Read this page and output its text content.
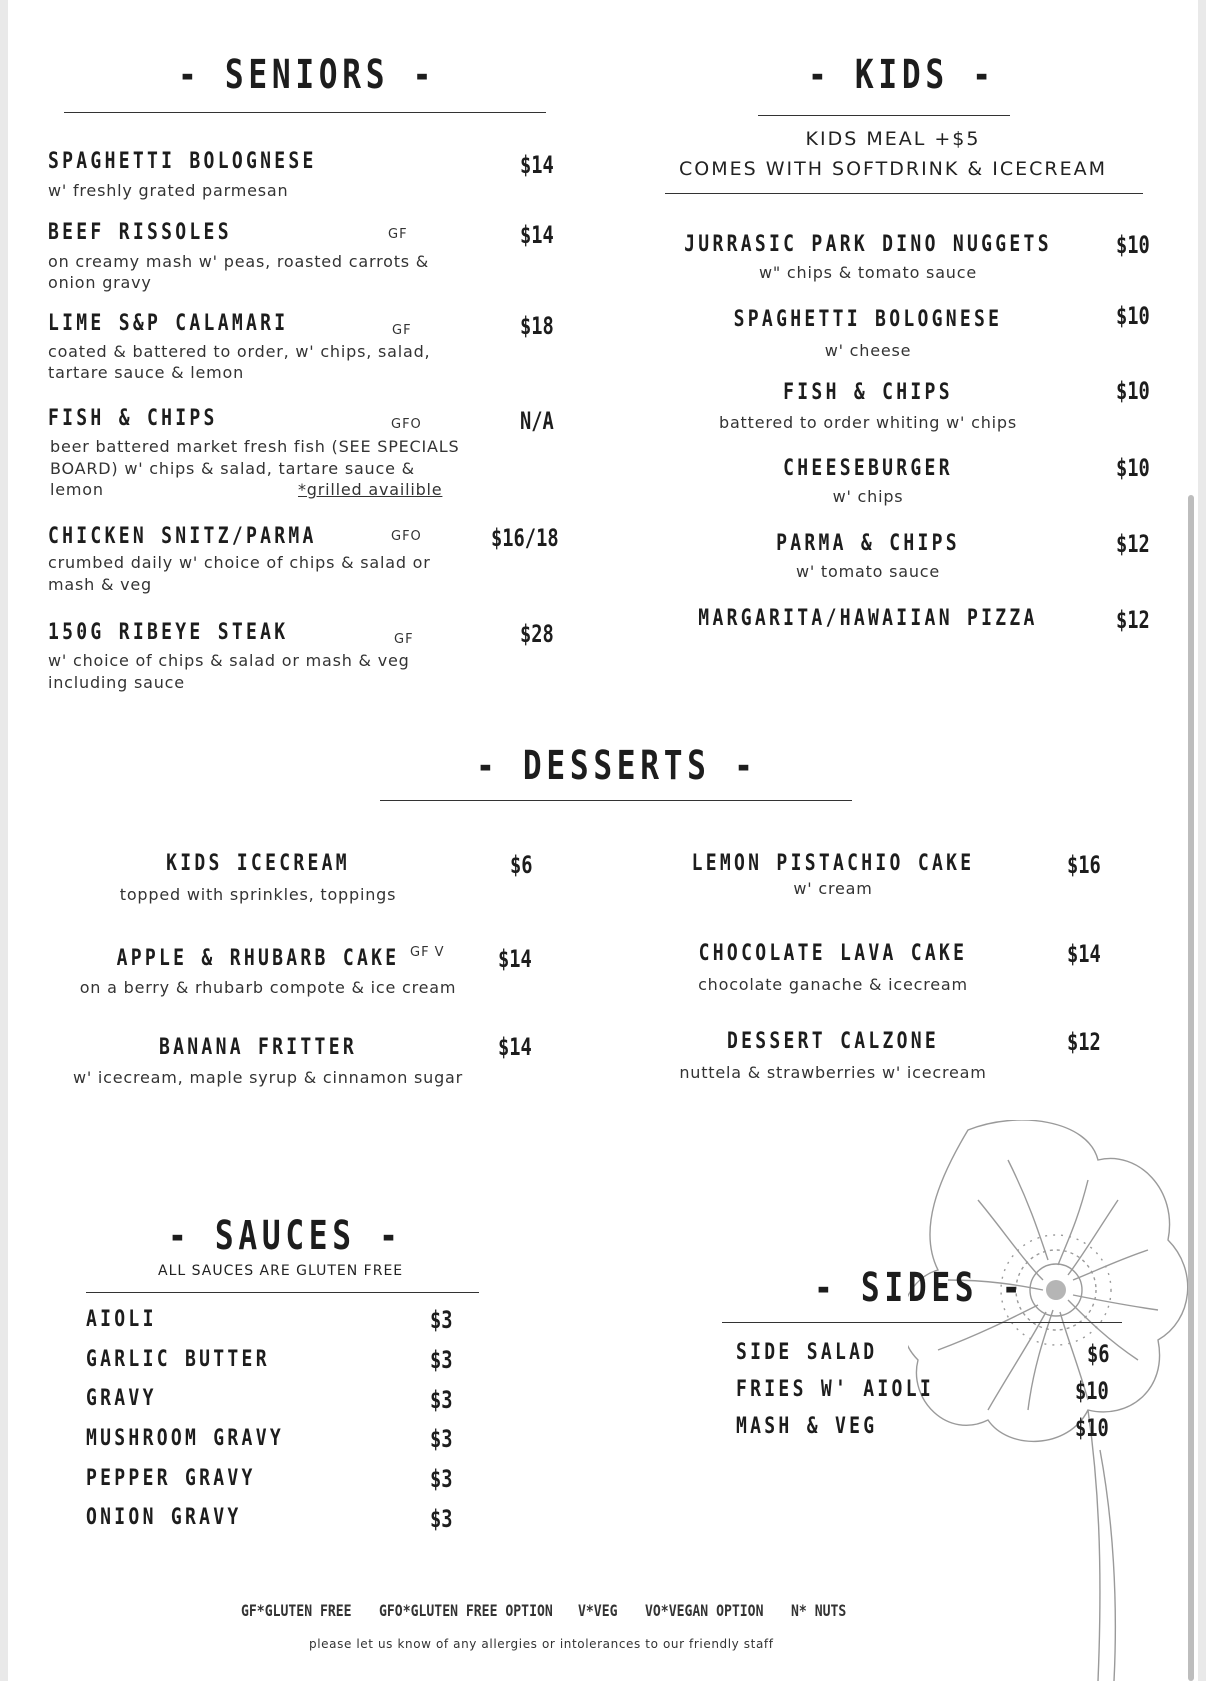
- SENIORS -
SPAGHETTI BOLOGNESE	$14
w' freshly grated parmesan
BEEF RISSOLES	GF	$14
on creamy mash w' peas, roasted carrots &
onion gravy
LIME S&P CALAMARI	GF	$18
coated & battered to order, w' chips, salad,
tartare sauce & lemon
FISH & CHIPS	GFO	N/A
beer battered market fresh fish (SEE SPECIALS
BOARD) w' chips & salad, tartare sauce &
lemon	*grilled availible
CHICKEN SNITZ/PARMA	GFO	$16/18
crumbed daily w' choice of chips & salad or
mash & veg
150G RIBEYE STEAK	GF	$28
w' choice of chips & salad or mash & veg
including sauce
- KIDS -
KIDS MEAL +$5
COMES WITH SOFTDRINK & ICECREAM
JURRASIC PARK DINO NUGGETS	$10
w" chips & tomato sauce
SPAGHETTI BOLOGNESE	$10
w' cheese
FISH & CHIPS	$10
battered to order whiting w' chips
CHEESEBURGER	$10
w' chips
PARMA & CHIPS	$12
w' tomato sauce
MARGARITA/HAWAIIAN PIZZA	$12
- DESSERTS -
KIDS ICECREAM	$6
topped with sprinkles, toppings
APPLE & RHUBARB CAKE GF V $14
on a berry & rhubarb compote & ice cream
BANANA FRITTER	$14
w' icecream, maple syrup & cinnamon sugar
LEMON PISTACHIO CAKE	$16
w' cream
CHOCOLATE LAVA CAKE	$14
chocolate ganache & icecream
DESSERT CALZONE	$12
nuttela & strawberries w' icecream
- SAUCES -
ALL SAUCES ARE GLUTEN FREE
AIOLI	$3
GARLIC BUTTER	$3
GRAVY	$3
MUSHROOM GRAVY	$3
PEPPER GRAVY	$3
ONION GRAVY	$3
- SIDES -
SIDE SALAD	$6
FRIES W' AIOLI	$10
MASH & VEG	$10
GF*GLUTEN FREE GFO*GLUTEN FREE OPTION V*VEG VO*VEGAN OPTION N* NUTS
please let us know of any allergies or intolerances to our friendly staff
